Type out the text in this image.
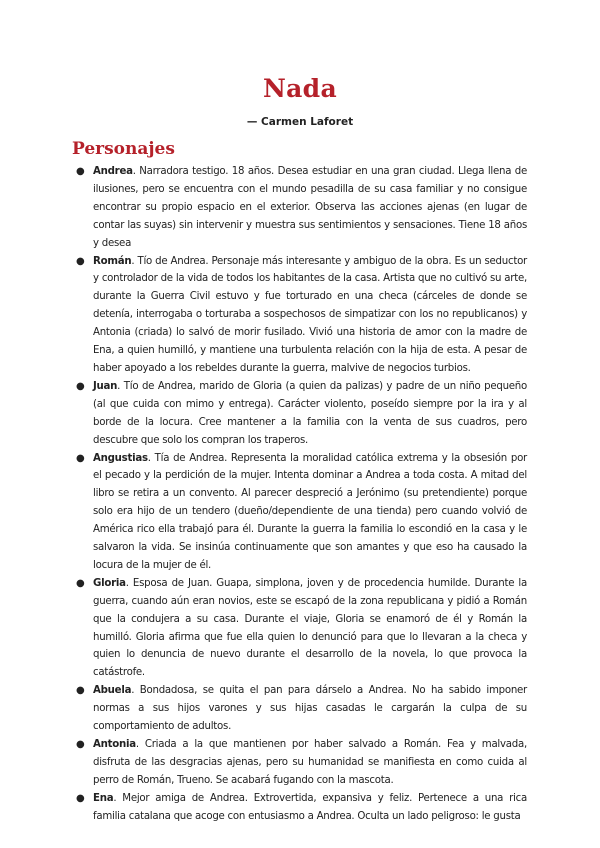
Nada
— Carmen Laforet
Personajes
● Andrea. Narradora testigo. 18 años. Desea estudiar en una gran ciudad. Llega llena de ilusiones, pero se encuentra con el mundo pesadilla de su casa familiar y no consigue encontrar su propio espacio en el exterior. Observa las acciones ajenas (en lugar de contar las suyas) sin intervenir y muestra sus sentimientos y sensaciones. Tiene 18 años y desea
● Román. Tío de Andrea. Personaje más interesante y ambiguo de la obra. Es un seductor y controlador de la vida de todos los habitantes de la casa. Artista que no cultivó su arte, durante la Guerra Civil estuvo y fue torturado en una checa (cárceles de donde se detenía, interrogaba o torturaba a sospechosos de simpatizar con los no republicanos) y Antonia (criada) lo salvó de morir fusilado. Vivió una historia de amor con la madre de Ena, a quien humilló, y mantiene una turbulenta relación con la hija de esta. A pesar de haber apoyado a los rebeldes durante la guerra, malvive de negocios turbios.
● Juan. Tío de Andrea, marido de Gloria (a quien da palizas) y padre de un niño pequeño (al que cuida con mimo y entrega). Carácter violento, poseído siempre por la ira y al borde de la locura. Cree mantener a la familia con la venta de sus cuadros, pero descubre que solo los compran los traperos.
● Angustias. Tía de Andrea. Representa la moralidad católica extrema y la obsesión por el pecado y la perdición de la mujer. Intenta dominar a Andrea a toda costa. A mitad del libro se retira a un convento. Al parecer despreció a Jerónimo (su pretendiente) porque solo era hijo de un tendero (dueño/dependiente de una tienda) pero cuando volvió de América rico ella trabajó para él. Durante la guerra la familia lo escondió en la casa y le salvaron la vida. Se insinúa continuamente que son amantes y que eso ha causado la locura de la mujer de él.
● Gloria. Esposa de Juan. Guapa, simplona, joven y de procedencia humilde. Durante la guerra, cuando aún eran novios, este se escapó de la zona republicana y pidió a Román que la condujera a su casa. Durante el viaje, Gloria se enamoró de él y Román la humilló. Gloria afirma que fue ella quien lo denunció para que lo llevaran a la checa y quien lo denuncia de nuevo durante el desarrollo de la novela, lo que provoca la catástrofe.
● Abuela. Bondadosa, se quita el pan para dárselo a Andrea. No ha sabido imponer normas a sus hijos varones y sus hijas casadas le cargarán la culpa de su comportamiento de adultos.
● Antonia. Criada a la que mantienen por haber salvado a Román. Fea y malvada, disfruta de las desgracias ajenas, pero su humanidad se manifiesta en como cuida al perro de Román, Trueno. Se acabará fugando con la mascota.
● Ena. Mejor amiga de Andrea. Extrovertida, expansiva y feliz. Pertenece a una rica familia catalana que acoge con entusiasmo a Andrea. Oculta un lado peligroso: le gusta
